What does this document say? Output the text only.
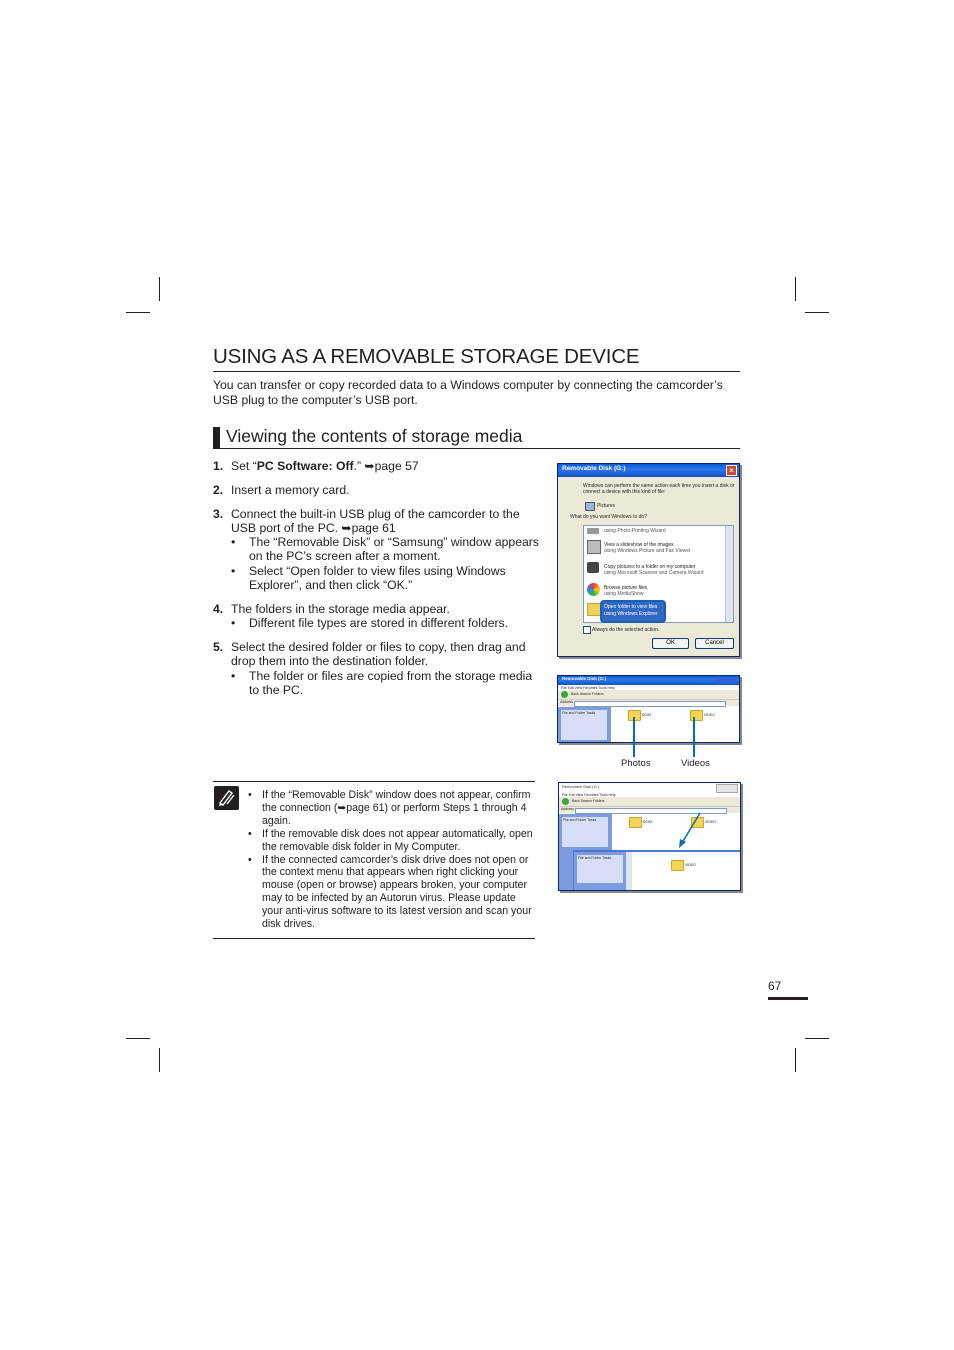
USING AS A REMOVABLE STORAGE DEVICE
You can transfer or copy recorded data to a Windows computer by connecting the camcorder’s USB plug to the computer’s USB port.
Viewing the contents of storage media
1. Set “PC Software: Off.” ➥page 57
2. Insert a memory card.
3. Connect the built-in USB plug of the camcorder to the USB port of the PC. ➥page 61
• The “Removable Disk” or “Samsung” window appears on the PC’s screen after a moment.
• Select “Open folder to view files using Windows Explorer”, and then click “OK.”
4. The folders in the storage media appear.
• Different file types are stored in different folders.
5. Select the desired folder or files to copy, then drag and drop them into the destination folder.
• The folder or files are copied from the storage media to the PC.
Removable Disk (G:)	×
Windows can perform the same action each time you insert a disk or connect a device with this kind of file:
Pictures
What do you want Windows to do?
using Photo Printing Wizard
View a slideshow of the images
using Windows Picture and Fax Viewer
Copy pictures to a folder on my computer
using Microsoft Scanner and Camera Wizard
Browse picture files
using MediaShow
Open folder to view files
using Windows Explorer
Always do the selected action.
OK	Cancel
Removable Disk (G:)
File Edit View Favorites Tools Help
Back Search Folders
Address
File and Folder Tasks	DCIM	VIDEO
Photos	Videos
Removable Disk (G:)
File Edit View Favorites Tools Help
Back Search Folders
Address
File and Folder Tasks	DCIM	VIDEO
File and Folder Tasks
VIDEO
• If the “Removable Disk” window does not appear, confirm the connection (➥page 61) or perform Steps 1 through 4 again.
• If the removable disk does not appear automatically, open the removable disk folder in My Computer.
• If the connected camcorder’s disk drive does not open or the context menu that appears when right clicking your mouse (open or browse) appears broken, your computer may to be infected by an Autorun virus. Please update your anti-virus software to its latest version and scan your disk drives.
67
